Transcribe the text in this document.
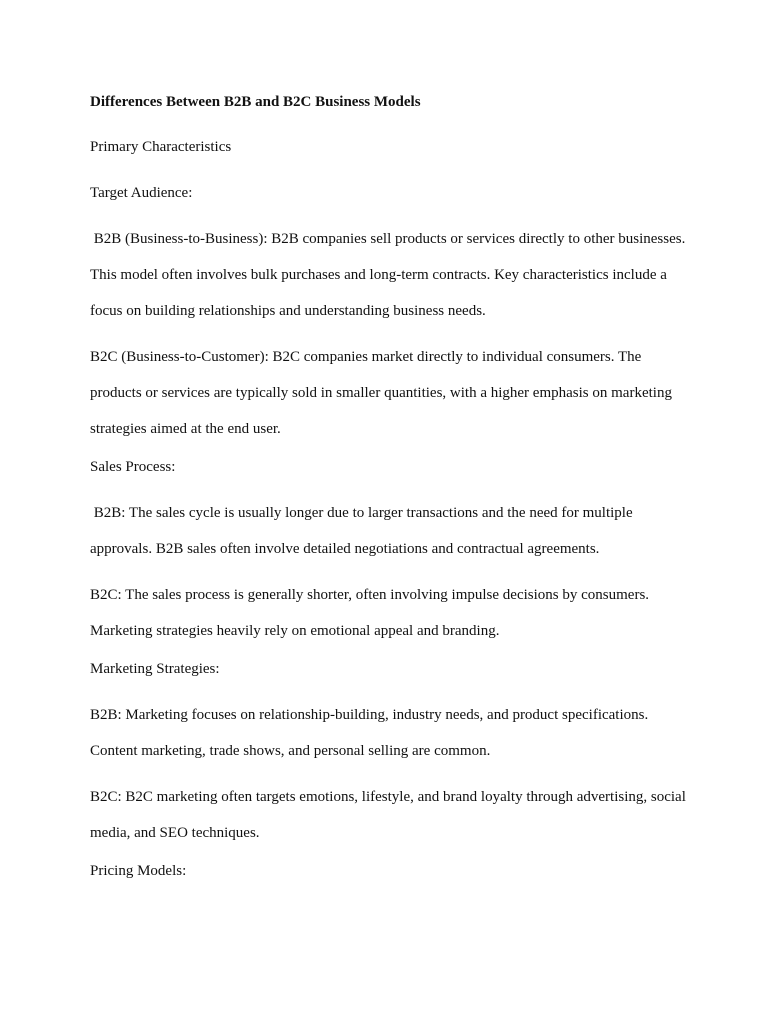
Differences Between B2B and B2C Business Models
Primary Characteristics
Target Audience:
B2B (Business-to-Business): B2B companies sell products or services directly to other businesses. This model often involves bulk purchases and long-term contracts. Key characteristics include a focus on building relationships and understanding business needs.
B2C (Business-to-Customer): B2C companies market directly to individual consumers. The products or services are typically sold in smaller quantities, with a higher emphasis on marketing strategies aimed at the end user.
Sales Process:
B2B: The sales cycle is usually longer due to larger transactions and the need for multiple approvals. B2B sales often involve detailed negotiations and contractual agreements.
B2C: The sales process is generally shorter, often involving impulse decisions by consumers. Marketing strategies heavily rely on emotional appeal and branding.
Marketing Strategies:
B2B: Marketing focuses on relationship-building, industry needs, and product specifications. Content marketing, trade shows, and personal selling are common.
B2C: B2C marketing often targets emotions, lifestyle, and brand loyalty through advertising, social media, and SEO techniques.
Pricing Models:
